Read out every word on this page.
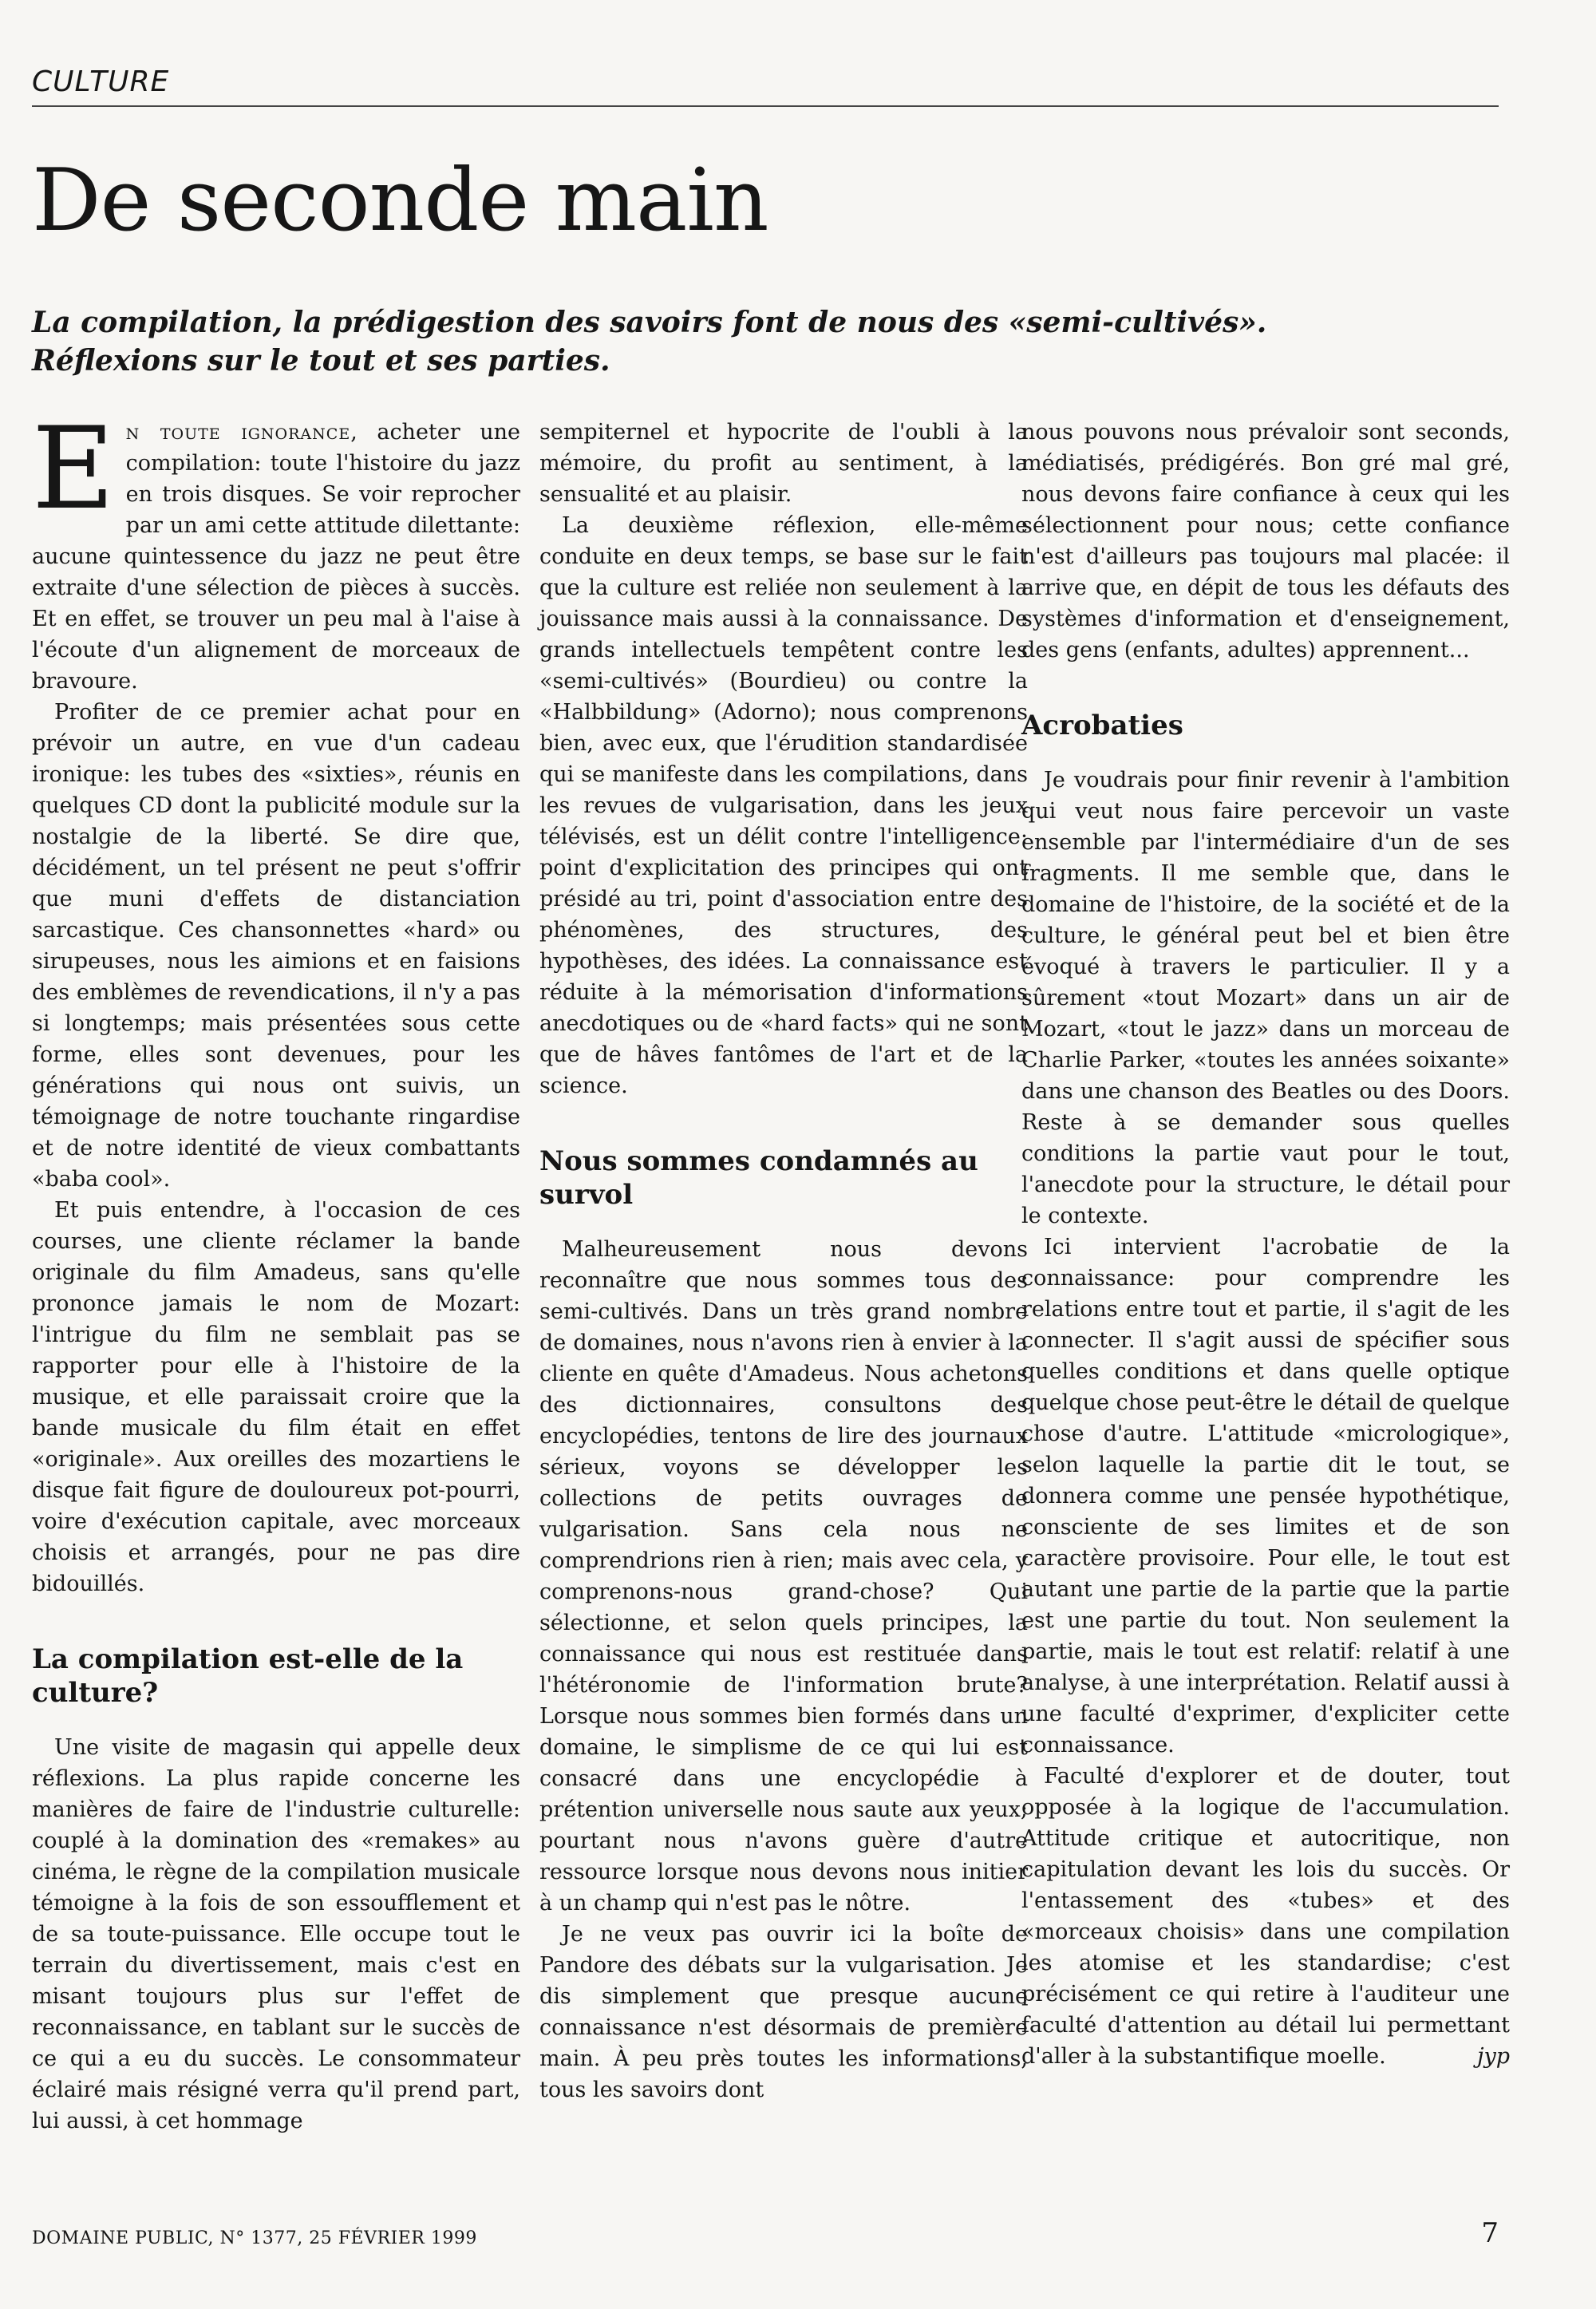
CULTURE
De seconde main
La compilation, la prédigestion des savoirs font de nous des «semi-cultivés».
Réflexions sur le tout et ses parties.

En toute ignorance, acheter une compilation: toute l'histoire du jazz en trois disques. Se voir reprocher par un ami cette attitude dilettante: aucune quintessence du jazz ne peut être extraite d'une sélection de pièces à succès. Et en effet, se trouver un peu mal à l'aise à l'écoute d'un alignement de morceaux de bravoure.

Profiter de ce premier achat pour en prévoir un autre, en vue d'un cadeau ironique: les tubes des «sixties», réunis en quelques CD dont la publicité module sur la nostalgie de la liberté. Se dire que, décidément, un tel présent ne peut s'offrir que muni d'effets de distanciation sarcastique. Ces chansonnettes «hard» ou sirupeuses, nous les aimions et en faisions des emblèmes de revendications, il n'y a pas si longtemps; mais présentées sous cette forme, elles sont devenues, pour les générations qui nous ont suivis, un témoignage de notre touchante ringardise et de notre identité de vieux combattants «baba cool».

Et puis entendre, à l'occasion de ces courses, une cliente réclamer la bande originale du film Amadeus, sans qu'elle prononce jamais le nom de Mozart: l'intrigue du film ne semblait pas se rapporter pour elle à l'histoire de la musique, et elle paraissait croire que la bande musicale du film était en effet «originale». Aux oreilles des mozartiens le disque fait figure de douloureux pot-pourri, voire d'exécution capitale, avec morceaux choisis et arrangés, pour ne pas dire bidouillés.

La compilation est-elle de la culture?

Une visite de magasin qui appelle deux réflexions. La plus rapide concerne les manières de faire de l'industrie culturelle: couplé à la domination des «remakes» au cinéma, le règne de la compilation musicale témoigne à la fois de son essoufflement et de sa toute-puissance. Elle occupe tout le terrain du divertissement, mais c'est en misant toujours plus sur l'effet de reconnaissance, en tablant sur le succès de ce qui a eu du succès. Le consommateur éclairé mais résigné verra qu'il prend part, lui aussi, à cet hommage

sempiternel et hypocrite de l'oubli à la mémoire, du profit au sentiment, à la sensualité et au plaisir.

La deuxième réflexion, elle-même conduite en deux temps, se base sur le fait que la culture est reliée non seulement à la jouissance mais aussi à la connaissance. De grands intellectuels tempêtent contre les «semi-cultivés» (Bourdieu) ou contre la «Halbbildung» (Adorno); nous comprenons bien, avec eux, que l'érudition standardisée qui se manifeste dans les compilations, dans les revues de vulgarisation, dans les jeux télévisés, est un délit contre l'intelligence: point d'explicitation des principes qui ont présidé au tri, point d'association entre des phénomènes, des structures, des hypothèses, des idées. La connaissance est réduite à la mémorisation d'informations anecdotiques ou de «hard facts» qui ne sont que de hâves fantômes de l'art et de la science.

Nous sommes condamnés au survol

Malheureusement nous devons reconnaître que nous sommes tous des semi-cultivés. Dans un très grand nombre de domaines, nous n'avons rien à envier à la cliente en quête d'Amadeus. Nous achetons des dictionnaires, consultons des encyclopédies, tentons de lire des journaux sérieux, voyons se développer les collections de petits ouvrages de vulgarisation. Sans cela nous ne comprendrions rien à rien; mais avec cela, y comprenons-nous grand-chose? Qui sélectionne, et selon quels principes, la connaissance qui nous est restituée dans l'hétéronomie de l'information brute? Lorsque nous sommes bien formés dans un domaine, le simplisme de ce qui lui est consacré dans une encyclopédie à prétention universelle nous saute aux yeux; pourtant nous n'avons guère d'autre ressource lorsque nous devons nous initier à un champ qui n'est pas le nôtre.

Je ne veux pas ouvrir ici la boîte de Pandore des débats sur la vulgarisation. Je dis simplement que presque aucune connaissance n'est désormais de première main. À peu près toutes les informations, tous les savoirs dont

nous pouvons nous prévaloir sont seconds, médiatisés, prédigérés. Bon gré mal gré, nous devons faire confiance à ceux qui les sélectionnent pour nous; cette confiance n'est d'ailleurs pas toujours mal placée: il arrive que, en dépit de tous les défauts des systèmes d'information et d'enseignement, des gens (enfants, adultes) apprennent...

Acrobaties

Je voudrais pour finir revenir à l'ambition qui veut nous faire percevoir un vaste ensemble par l'intermédiaire d'un de ses fragments. Il me semble que, dans le domaine de l'histoire, de la société et de la culture, le général peut bel et bien être évoqué à travers le particulier. Il y a sûrement «tout Mozart» dans un air de Mozart, «tout le jazz» dans un morceau de Charlie Parker, «toutes les années soixante» dans une chanson des Beatles ou des Doors. Reste à se demander sous quelles conditions la partie vaut pour le tout, l'anecdote pour la structure, le détail pour le contexte.

Ici intervient l'acrobatie de la connaissance: pour comprendre les relations entre tout et partie, il s'agit de les connecter. Il s'agit aussi de spécifier sous quelles conditions et dans quelle optique quelque chose peut-être le détail de quelque chose d'autre. L'attitude «micrologique», selon laquelle la partie dit le tout, se donnera comme une pensée hypothétique, consciente de ses limites et de son caractère provisoire. Pour elle, le tout est autant une partie de la partie que la partie est une partie du tout. Non seulement la partie, mais le tout est relatif: relatif à une analyse, à une interprétation. Relatif aussi à une faculté d'exprimer, d'expliciter cette connaissance.

Faculté d'explorer et de douter, tout opposée à la logique de l'accumulation. Attitude critique et autocritique, non capitulation devant les lois du succès. Or l'entassement des «tubes» et des «morceaux choisis» dans une compilation les atomise et les standardise; c'est précisément ce qui retire à l'auditeur une faculté d'attention au détail lui permettant d'aller à la substantifique moelle.	jyp

DOMAINE PUBLIC, N° 1377, 25 FÉVRIER 1999	7
